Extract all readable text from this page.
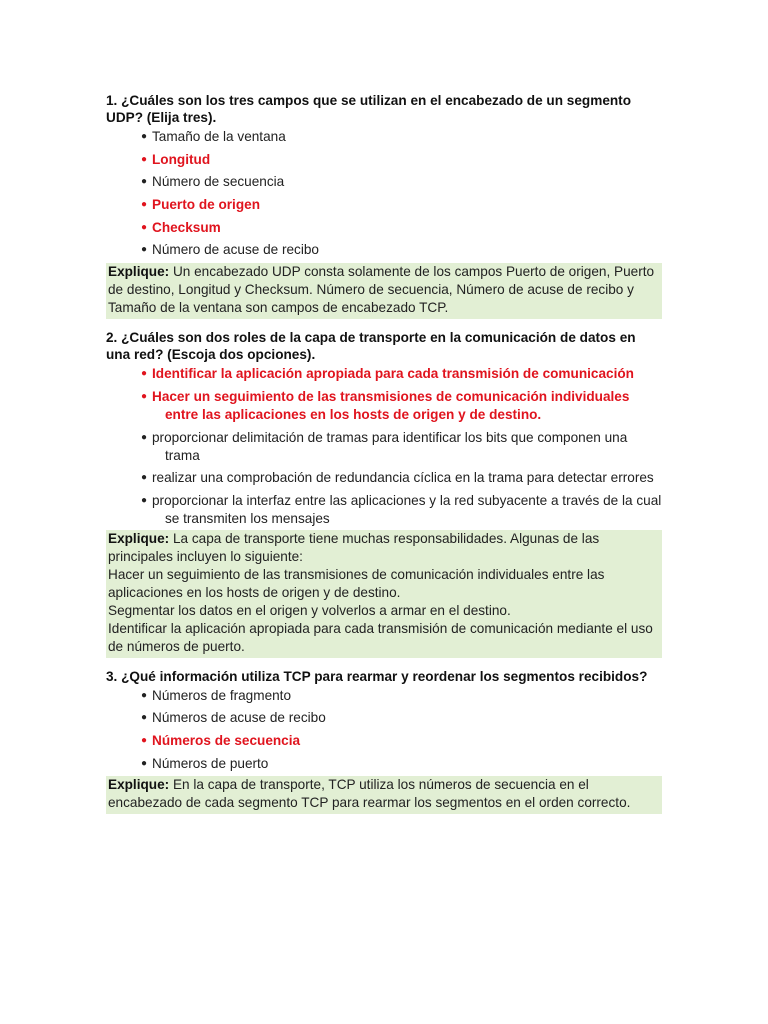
1. ¿Cuáles son los tres campos que se utilizan en el encabezado de un segmento UDP? (Elija tres).

● Tamaño de la ventana
● Longitud
● Número de secuencia
● Puerto de origen
● Checksum
● Número de acuse de recibo
Explique: Un encabezado UDP consta solamente de los campos Puerto de origen, Puerto de destino, Longitud y Checksum. Número de secuencia, Número de acuse de recibo y Tamaño de la ventana son campos de encabezado TCP.

2. ¿Cuáles son dos roles de la capa de transporte en la comunicación de datos en una red? (Escoja dos opciones).

● Identificar la aplicación apropiada para cada transmisión de comunicación
● Hacer un seguimiento de las transmisiones de comunicación individuales entre las aplicaciones en los hosts de origen y de destino.
● proporcionar delimitación de tramas para identificar los bits que componen una trama
● realizar una comprobación de redundancia cíclica en la trama para detectar errores
● proporcionar la interfaz entre las aplicaciones y la red subyacente a través de la cual se transmiten los mensajes
Explique: La capa de transporte tiene muchas responsabilidades. Algunas de las principales incluyen lo siguiente:
Hacer un seguimiento de las transmisiones de comunicación individuales entre las aplicaciones en los hosts de origen y de destino.
Segmentar los datos en el origen y volverlos a armar en el destino.
Identificar la aplicación apropiada para cada transmisión de comunicación mediante el uso de números de puerto.

3. ¿Qué información utiliza TCP para rearmar y reordenar los segmentos recibidos?

● Números de fragmento
● Números de acuse de recibo
● Números de secuencia
● Números de puerto
Explique: En la capa de transporte, TCP utiliza los números de secuencia en el encabezado de cada segmento TCP para rearmar los segmentos en el orden correcto.
